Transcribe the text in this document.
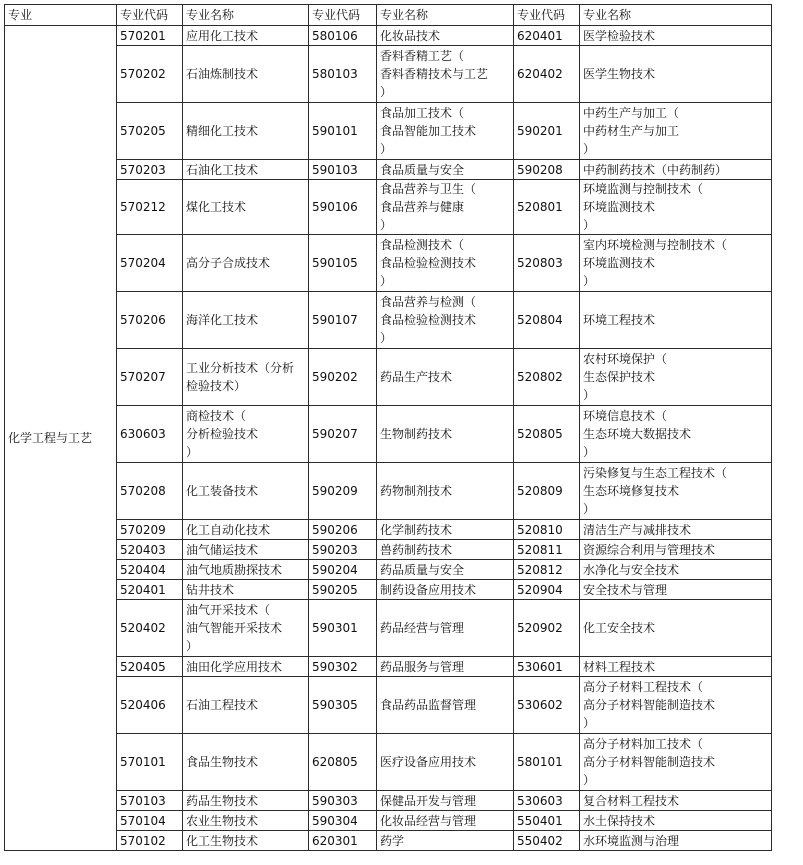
专业	专业代码	专业名称	专业代码	专业名称	专业代码	专业名称
化学工程与工艺	570201	应用化工技术	580106	化妆品技术	620401	医学检验技术
	570202	石油炼制技术	580103	香料香精工艺（
香料香精技术与工艺
）	620402	医学生物技术
	570205	精细化工技术	590101	食品加工技术（
食品智能加工技术
）	590201	中药生产与加工（
中药材生产与加工
）
	570203	石油化工技术	590103	食品质量与安全	590208	中药制药技术（中药制药）
	570212	煤化工技术	590106	食品营养与卫生（
食品营养与健康
）	520801	环境监测与控制技术（
环境监测技术
）
	570204	高分子合成技术	590105	食品检测技术（
食品检验检测技术
）	520803	室内环境检测与控制技术（
环境监测技术
）
	570206	海洋化工技术	590107	食品营养与检测（
食品检验检测技术
）	520804	环境工程技术
	570207	工业分析技术（分析检验技术）	590202	药品生产技术	520802	农村环境保护（
生态保护技术
）
	630603	商检技术（
分析检验技术
）	590207	生物制药技术	520805	环境信息技术（
生态环境大数据技术
）
	570208	化工装备技术	590209	药物制剂技术	520809	污染修复与生态工程技术（
生态环境修复技术
）
	570209	化工自动化技术	590206	化学制药技术	520810	清洁生产与减排技术
	520403	油气储运技术	590203	兽药制药技术	520811	资源综合利用与管理技术
	520404	油气地质勘探技术	590204	药品质量与安全	520812	水净化与安全技术
	520401	钻井技术	590205	制药设备应用技术	520904	安全技术与管理
	520402	油气开采技术（
油气智能开采技术
）	590301	药品经营与管理	520902	化工安全技术
	520405	油田化学应用技术	590302	药品服务与管理	530601	材料工程技术
	520406	石油工程技术	590305	食品药品监督管理	530602	高分子材料工程技术（
高分子材料智能制造技术
）
	570101	食品生物技术	620805	医疗设备应用技术	580101	高分子材料加工技术（
高分子材料智能制造技术
）
	570103	药品生物技术	590303	保健品开发与管理	530603	复合材料工程技术
	570104	农业生物技术	590304	化妆品经营与管理	550401	水土保持技术
	570102	化工生物技术	620301	药学	550402	水环境监测与治理
